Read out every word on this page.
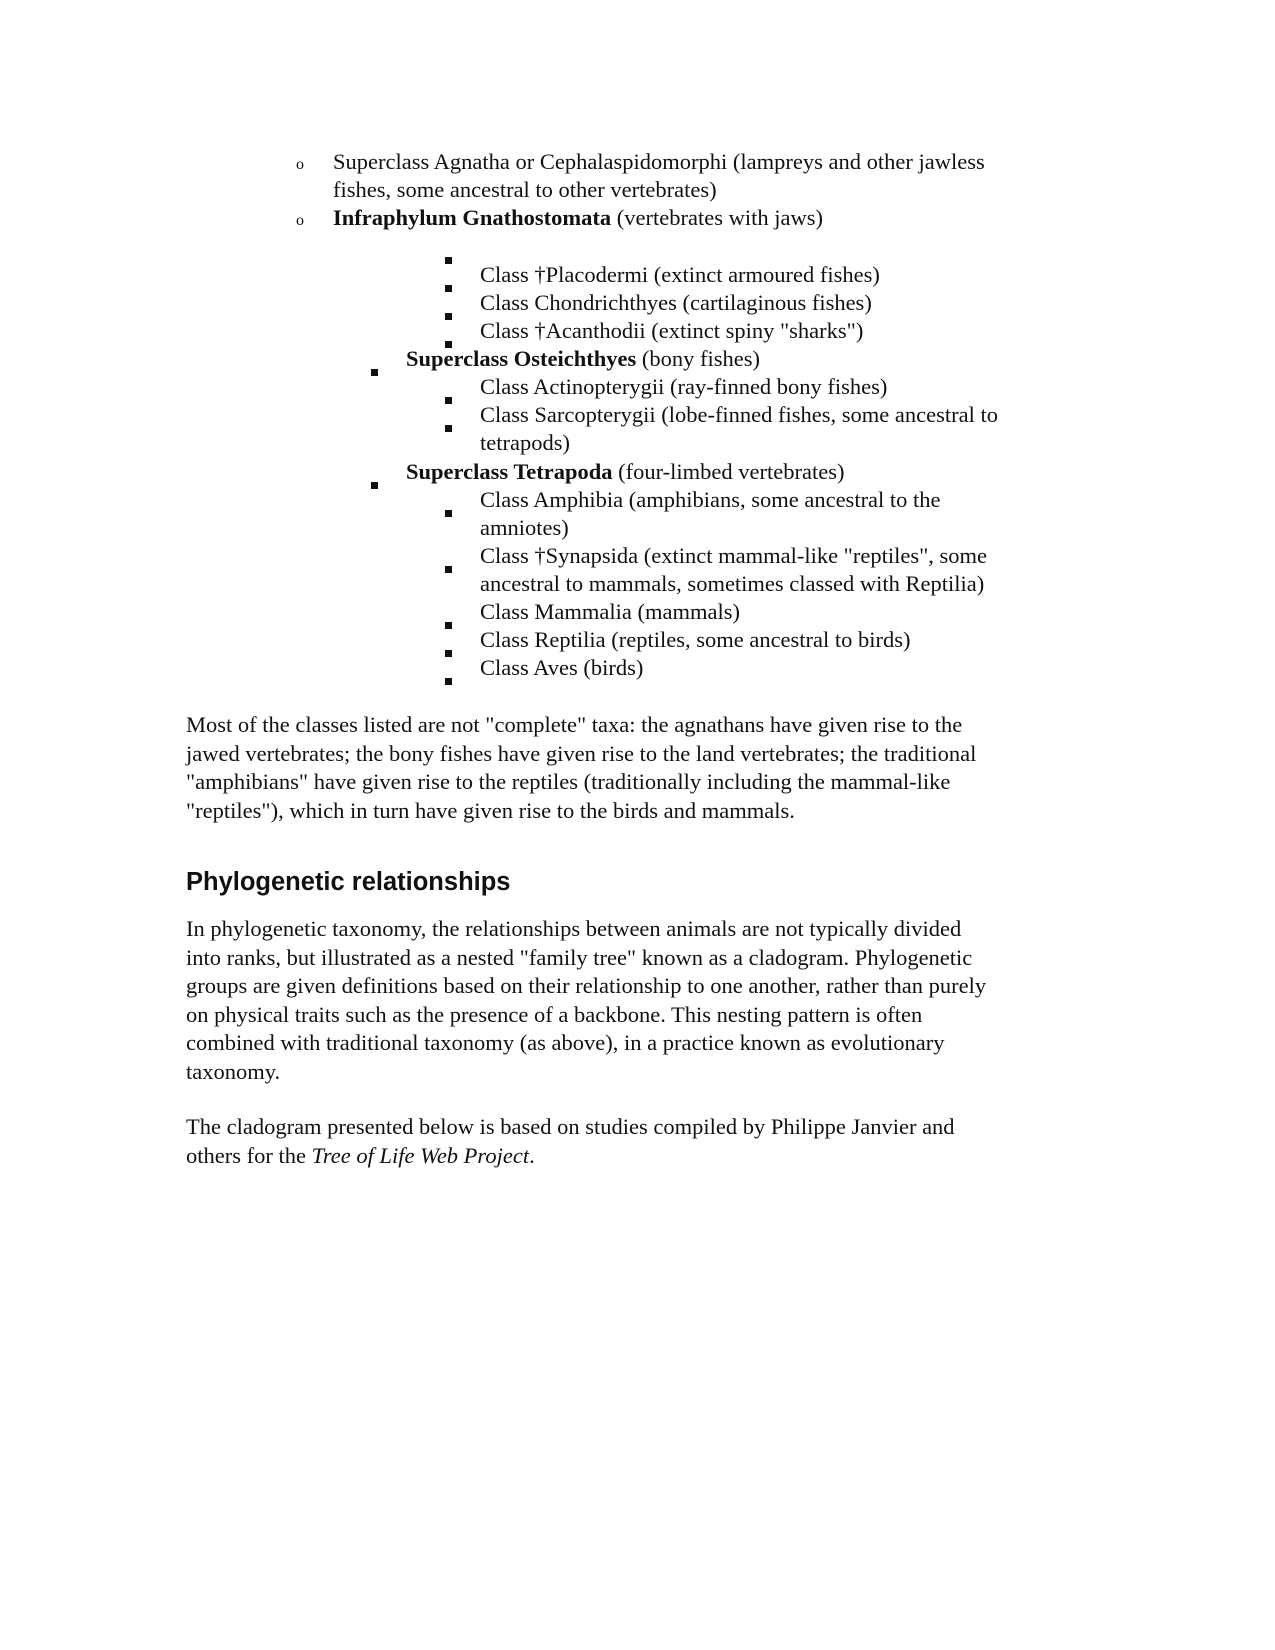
o Superclass Agnatha or Cephalaspidomorphi (lampreys and other jawless
fishes, some ancestral to other vertebrates)
o Infraphylum Gnathostomata (vertebrates with jaws)
Class †Placodermi (extinct armoured fishes)
Class Chondrichthyes (cartilaginous fishes)
Class †Acanthodii (extinct spiny "sharks")
Superclass Osteichthyes (bony fishes)
Class Actinopterygii (ray-finned bony fishes)
Class Sarcopterygii (lobe-finned fishes, some ancestral to
tetrapods)
Superclass Tetrapoda (four-limbed vertebrates)
Class Amphibia (amphibians, some ancestral to the
amniotes)
Class †Synapsida (extinct mammal-like "reptiles", some
ancestral to mammals, sometimes classed with Reptilia)
Class Mammalia (mammals)
Class Reptilia (reptiles, some ancestral to birds)
Class Aves (birds)
Most of the classes listed are not "complete" taxa: the agnathans have given rise to the
jawed vertebrates; the bony fishes have given rise to the land vertebrates; the traditional
"amphibians" have given rise to the reptiles (traditionally including the mammal-like
"reptiles"), which in turn have given rise to the birds and mammals.
Phylogenetic relationships
In phylogenetic taxonomy, the relationships between animals are not typically divided
into ranks, but illustrated as a nested "family tree" known as a cladogram. Phylogenetic
groups are given definitions based on their relationship to one another, rather than purely
on physical traits such as the presence of a backbone. This nesting pattern is often
combined with traditional taxonomy (as above), in a practice known as evolutionary
taxonomy.
The cladogram presented below is based on studies compiled by Philippe Janvier and
others for the Tree of Life Web Project.
